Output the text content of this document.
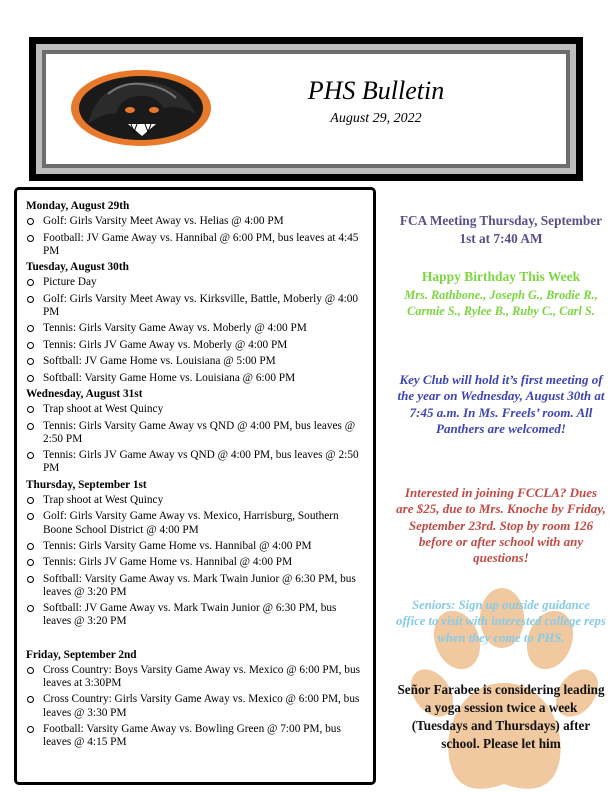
PHS Bulletin
August 29, 2022
Monday, August 29th
Golf: Girls Varsity Meet Away vs. Helias @ 4:00 PM
Football: JV Game Away vs. Hannibal @ 6:00 PM, bus leaves at 4:45 PM
Tuesday, August 30th
Picture Day
Golf: Girls Varsity Meet Away vs. Kirksville, Battle, Moberly @ 4:00 PM
Tennis: Girls Varsity Game Away vs. Moberly @ 4:00 PM
Tennis: Girls JV Game Away vs. Moberly @ 4:00 PM
Softball: JV Game Home vs. Louisiana @ 5:00 PM
Softball: Varsity Game Home vs. Louisiana @ 6:00 PM
Wednesday, August 31st
Trap shoot at West Quincy
Tennis: Girls Varsity Game Away vs QND @ 4:00 PM, bus leaves @ 2:50 PM
Tennis: Girls JV Game Away vs QND @ 4:00 PM, bus leaves @ 2:50 PM
Thursday, September 1st
Trap shoot at West Quincy
Golf: Girls Varsity Game Away vs. Mexico, Harrisburg, Southern Boone School District @ 4:00 PM
Tennis: Girls Varsity Game Home vs. Hannibal @ 4:00 PM
Tennis: Girls JV Game Home vs. Hannibal @ 4:00 PM
Softball: Varsity Game Away vs. Mark Twain Junior @ 6:30 PM, bus leaves @ 3:20 PM
Softball: JV Game Away vs. Mark Twain Junior @ 6:30 PM, bus leaves @ 3:20 PM
Friday, September 2nd
Cross Country: Boys Varsity Game Away vs. Mexico @ 6:00 PM, bus leaves at 3:30PM
Cross Country: Girls Varsity Game Away vs. Mexico @ 6:00 PM, bus leaves @ 3:30 PM
Football: Varsity Game Away vs. Bowling Green @ 7:00 PM, bus leaves @ 4:15 PM
FCA Meeting Thursday, September 1st at 7:40 AM
Happy Birthday This Week
Mrs. Rathbone., Joseph G., Brodie R., Carmie S., Rylee B., Ruby C., Carl S.
Key Club will hold it’s first meeting of the year on Wednesday, August 30th at 7:45 a.m. In Ms. Freels’ room. All Panthers are welcomed!
Interested in joining FCCLA? Dues are $25, due to Mrs. Knoche by Friday, September 23rd. Stop by room 126 before or after school with any questions!
Seniors: Sign up outside guidance office to visit with interested college reps when they come to PHS.
Señor Farabee is considering leading a yoga session twice a week (Tuesdays and Thursdays) after school. Please let him
